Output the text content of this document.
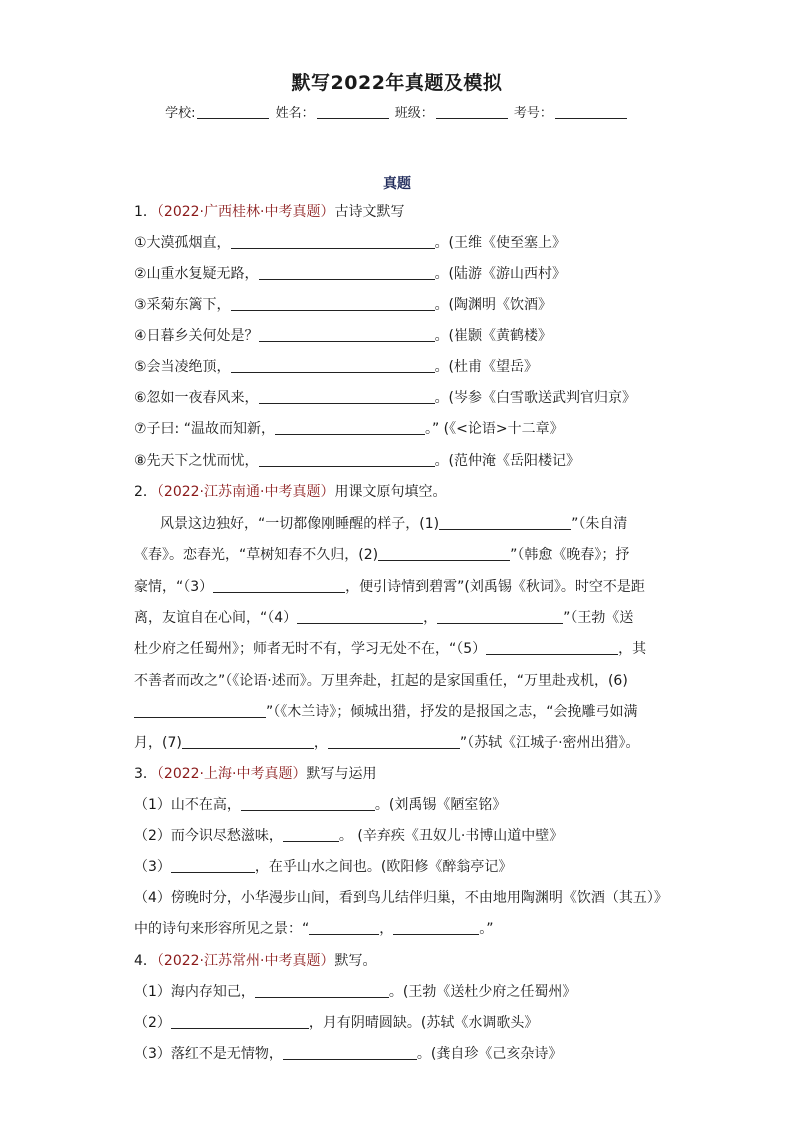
默写2022年真题及模拟
学校:	姓名：	班级：	考号：
真题
1．（2022·广西桂林·中考真题）古诗文默写
①大漠孤烟直，	。(王维《使至塞上》
②山重水复疑无路，	。(陆游《游山西村》
③采菊东篱下，	。(陶渊明《饮酒》
④日暮乡关何处是？	。(崔颢《黄鹤楼》
⑤会当凌绝顶，	。(杜甫《望岳》
⑥忽如一夜春风来，	。(岑参《白雪歌送武判官归京》
⑦子曰: “温故而知新，	。” (《<论语>十二章》
⑧先天下之忧而忧，	。(范仲淹《岳阳楼记》
2．（2022·江苏南通·中考真题）用课文原句填空。
风景这边独好，“一切都像刚睡醒的样子，(1)	”（朱自清
《春》。恋春光，“草树知春不久归，(2)	”（韩愈《晚春》；抒
豪情，“（3）	，便引诗情到碧霄”(刘禹锡《秋词》。时空不是距
离，友谊自在心间，“（4）	，	”（王勃《送
杜少府之任蜀州》；师者无时不有，学习无处不在，“（5）	，其
不善者而改之”（《论语·述而》。万里奔赴，扛起的是家国重任，“万里赴戎机，(6)
”（《木兰诗》；倾城出猎，抒发的是报国之志，“会挽雕弓如满
月，(7)	，	”（苏轼《江城子·密州出猎》。
3．（2022·上海·中考真题）默写与运用
（1）山不在高，	。(刘禹锡《陋室铭》
（2）而今识尽愁滋味，	。 (辛弃疾《丑奴儿·书博山道中壁》
（3）	，在乎山水之间也。(欧阳修《醉翁亭记》
（4）傍晚时分，小华漫步山间，看到鸟儿结伴归巢，不由地用陶渊明《饮酒（其五）》
中的诗句来形容所见之景：“	，	。”
4．（2022·江苏常州·中考真题）默写。
（1）海内存知己，	。(王勃《送杜少府之任蜀州》
（2）	，月有阴晴圆缺。(苏轼《水调歌头》
（3）落红不是无情物，	。(龚自珍《己亥杂诗》
